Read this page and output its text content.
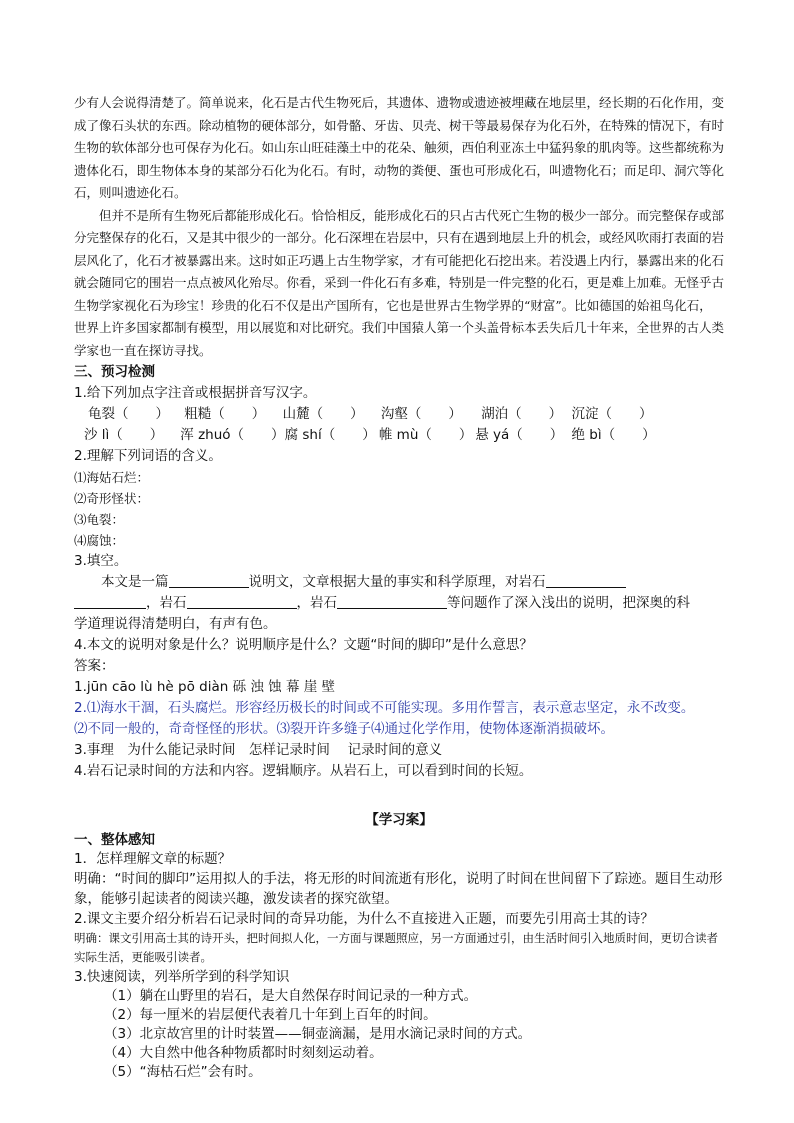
少有人会说得清楚了。简单说来，化石是古代生物死后，其遗体、遗物或遗迹被埋藏在地层里，经长期的石化作用，变成了像石头状的东西。除动植物的硬体部分，如骨骼、牙齿、贝壳、树干等最易保存为化石外，在特殊的情况下，有时生物的软体部分也可保存为化石。如山东山旺硅藻土中的花朵、触须，西伯利亚冻土中猛犸象的肌肉等。这些都统称为遗体化石，即生物体本身的某部分石化为化石。有时，动物的粪便、蛋也可形成化石，叫遗物化石；而足印、洞穴等化石，则叫遗迹化石。

但并不是所有生物死后都能形成化石。恰恰相反，能形成化石的只占古代死亡生物的极少一部分。而完整保存或部分完整保存的化石，又是其中很少的一部分。化石深埋在岩层中，只有在遇到地层上升的机会，或经风吹雨打表面的岩层风化了，化石才被暴露出来。这时如正巧遇上古生物学家，才有可能把化石挖出来。若没遇上内行，暴露出来的化石就会随同它的围岩一点点被风化殆尽。你看，采到一件化石有多难，特别是一件完整的化石，更是难上加难。无怪乎古生物学家视化石为珍宝！珍贵的化石不仅是出产国所有，它也是世界古生物学界的“财富”。比如德国的始祖鸟化石，世界上许多国家都制有模型，用以展览和对比研究。我们中国猿人第一个头盖骨标本丢失后几十年来，全世界的古人类学家也一直在探访寻找。

三、预习检测

1.给下列加点字注音或根据拼音写汉字。

龟裂（　　） 粗糙（　　） 山麓（　　） 沟壑（　　） 湖泊（　　） 沉淀（　　）
沙 lì（　　） 浑 zhuó（　　） 腐 shí（　　） 帷 mù（　　） 悬 yá（　　） 绝 bì（　　）

2.理解下列词语的含义。

⑴海姑石烂：

⑵奇形怪状：

⑶龟裂：

⑷腐蚀：

3.填空。

本文是一篇	说明文，文章根据大量的事实和科学原理，对岩石
，岩石	，岩石	等问题作了深入浅出的说明，把深奥的科

学道理说得清楚明白，有声有色。

4.本文的说明对象是什么？说明顺序是什么？文题“时间的脚印”是什么意思？

答案：

1.jūn cāo lù hè pō diàn 砾 浊 蚀 幕 崖 壁

2.⑴海水干涸，石头腐烂。形容经历极长的时间或不可能实现。多用作誓言，表示意志坚定，永不改变。

⑵不同一般的，奇奇怪怪的形状。⑶裂开许多缝子⑷通过化学作用，使物体逐渐消损破坏。

3.事理　为什么能记录时间　怎样记录时间　 记录时间的意义

4.岩石记录时间的方法和内容。逻辑顺序。从岩石上，可以看到时间的长短。

【学习案】

一、整体感知

1．怎样理解文章的标题？

明确：“时间的脚印”运用拟人的手法，将无形的时间流逝有形化，说明了时间在世间留下了踪迹。题目生动形象，能够引起读者的阅读兴趣，激发读者的探究欲望。

2.课文主要介绍分析岩石记录时间的奇异功能，为什么不直接进入正题，而要先引用高士其的诗？

明确：课文引用高士其的诗开头，把时间拟人化，一方面与课题照应，另一方面通过引，由生活时间引入地质时间，更切合读者实际生活，更能吸引读者。

3.快速阅读，列举所学到的科学知识

（1）躺在山野里的岩石，是大自然保存时间记录的一种方式。

（2）每一厘米的岩层便代表着几十年到上百年的时间。

（3）北京故宫里的计时装置——铜壶滴漏，是用水滴记录时间的方式。

（4）大自然中他各种物质都时时刻刻运动着。

（5）“海枯石烂”会有时。
